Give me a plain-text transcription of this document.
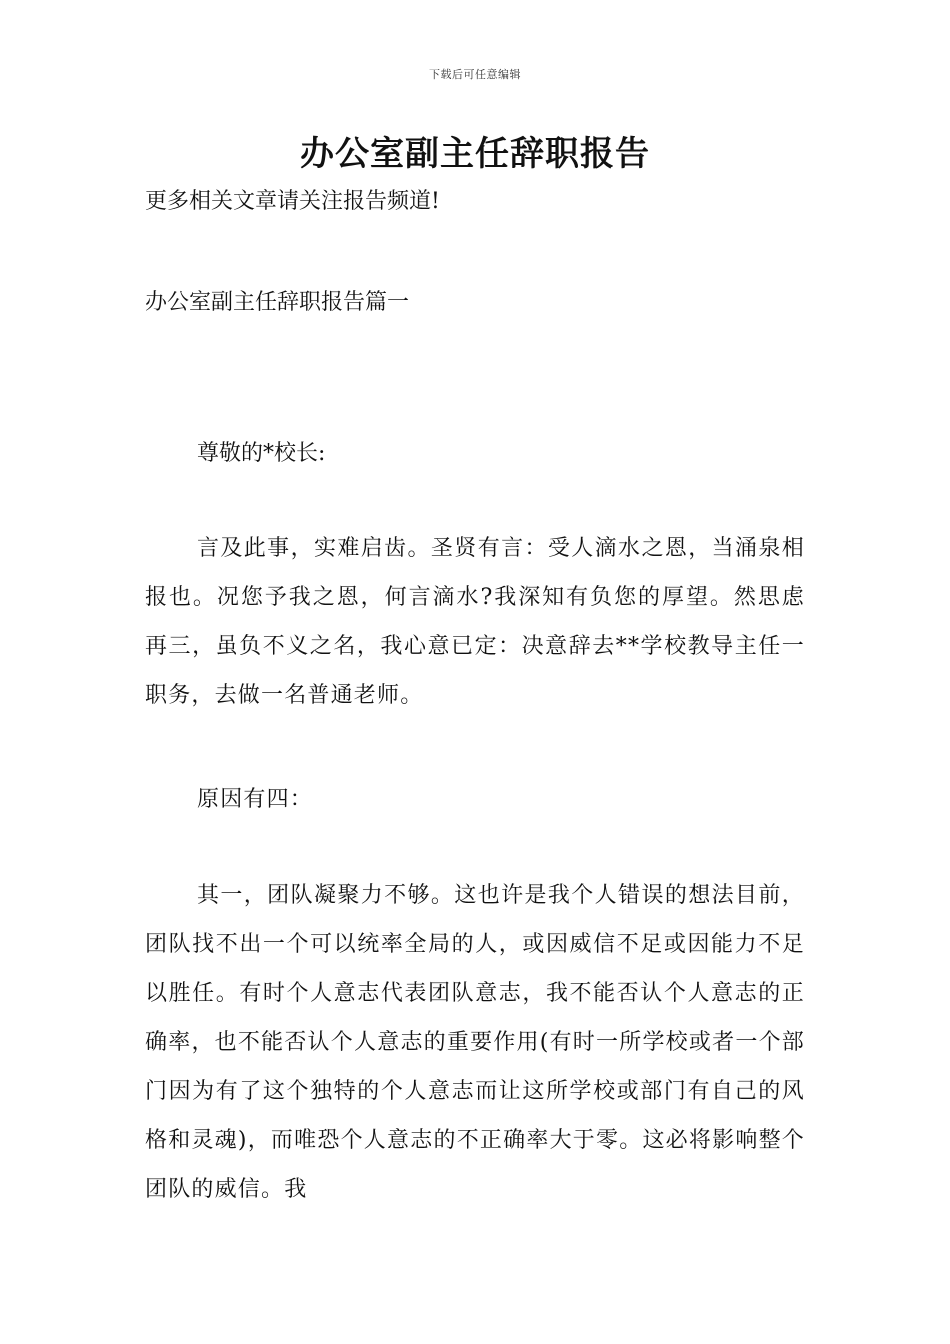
下载后可任意编辑
办公室副主任辞职报告
更多相关文章请关注报告频道!
办公室副主任辞职报告篇一
尊敬的*校长:
言及此事，实难启齿。圣贤有言：受人滴水之恩，当涌泉相报也。况您予我之恩，何言滴水?我深知有负您的厚望。然思虑再三，虽负不义之名，我心意已定：决意辞去**学校教导主任一职务，去做一名普通老师。
原因有四：
其一，团队凝聚力不够。这也许是我个人错误的想法目前，团队找不出一个可以统率全局的人，或因威信不足或因能力不足以胜任。有时个人意志代表团队意志，我不能否认个人意志的正确率，也不能否认个人意志的重要作用(有时一所学校或者一个部门因为有了这个独特的个人意志而让这所学校或部门有自己的风格和灵魂)，而唯恐个人意志的不正确率大于零。这必将影响整个团队的威信。我
